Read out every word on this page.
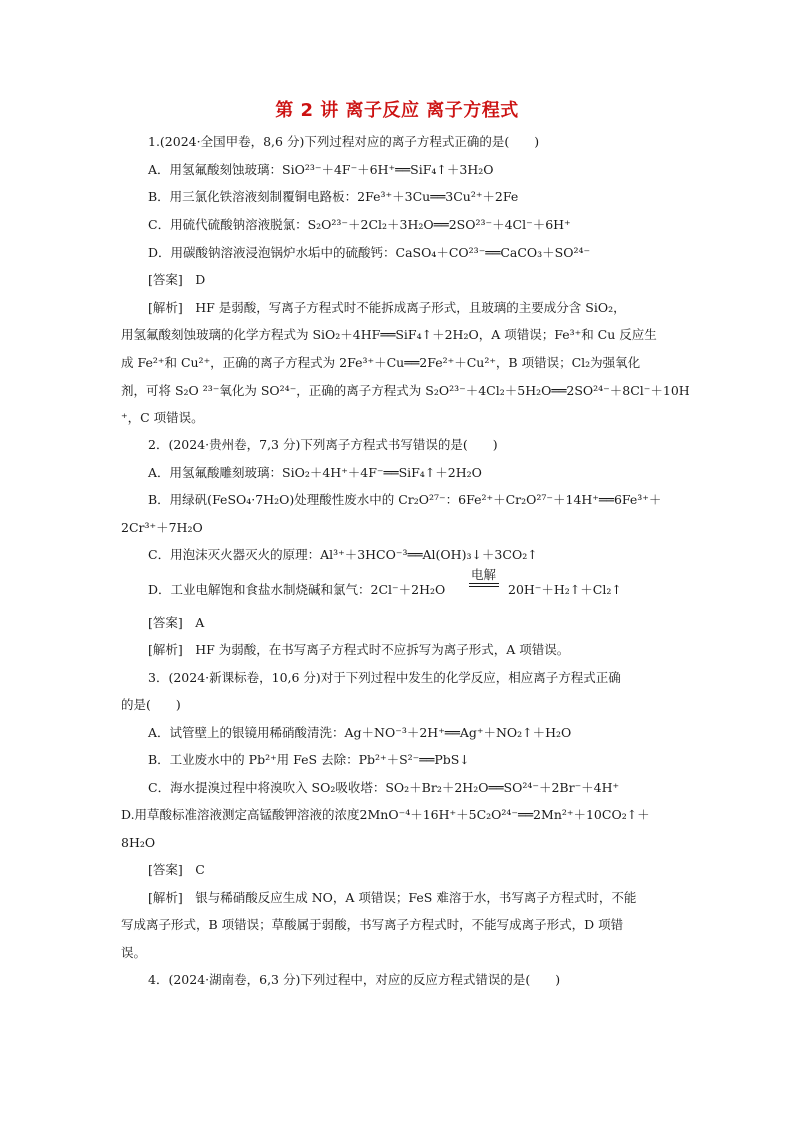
第 2 讲 离子反应 离子方程式
1.(2024·全国甲卷，8,6 分)下列过程对应的离子方程式正确的是(　　)
A．用氢氟酸刻蚀玻璃：SiO²³⁻＋4F⁻＋6H⁺══SiF₄↑＋3H₂O
B．用三氯化铁溶液刻制覆铜电路板：2Fe³⁺＋3Cu══3Cu²⁺＋2Fe
C．用硫代硫酸钠溶液脱氯：S₂O²³⁻＋2Cl₂＋3H₂O══2SO²³⁻＋4Cl⁻＋6H⁺
D．用碳酸钠溶液浸泡锅炉水垢中的硫酸钙：CaSO₄＋CO²³⁻══CaCO₃＋SO²⁴⁻
[答案]　D
[解析]　HF 是弱酸，写离子方程式时不能拆成离子形式，且玻璃的主要成分含 SiO₂，
用氢氟酸刻蚀玻璃的化学方程式为 SiO₂＋4HF══SiF₄↑＋2H₂O，A 项错误；Fe³⁺和 Cu 反应生
成 Fe²⁺和 Cu²⁺，正确的离子方程式为 2Fe³⁺＋Cu══2Fe²⁺＋Cu²⁺，B 项错误；Cl₂为强氧化
剂，可将 S₂O ²³⁻氧化为 SO²⁴⁻，正确的离子方程式为 S₂O²³⁻＋4Cl₂＋5H₂O══2SO²⁴⁻＋8Cl⁻＋10H
⁺，C 项错误。
2．(2024·贵州卷，7,3 分)下列离子方程式书写错误的是(　　)
A．用氢氟酸雕刻玻璃：SiO₂＋4H⁺＋4F⁻══SiF₄↑＋2H₂O
B．用绿矾(FeSO₄·7H₂O)处理酸性废水中的 Cr₂O²⁷⁻：6Fe²⁺＋Cr₂O²⁷⁻＋14H⁺══6Fe³⁺＋
2Cr³⁺＋7H₂O
C．用泡沫灭火器灭火的原理：Al³⁺＋3HCO⁻³══Al(OH)₃↓＋3CO₂↑
D．工业电解饱和食盐水制烧碱和氯气：2Cl⁻＋2H₂O
电解
20H⁻＋H₂↑＋Cl₂↑
[答案]　A
[解析]　HF 为弱酸，在书写离子方程式时不应拆写为离子形式，A 项错误。
3．(2024·新课标卷，10,6 分)对于下列过程中发生的化学反应，相应离子方程式正确
的是(　　)
A．试管壁上的银镜用稀硝酸清洗：Ag＋NO⁻³＋2H⁺══Ag⁺＋NO₂↑＋H₂O
B．工业废水中的 Pb²⁺用 FeS 去除：Pb²⁺＋S²⁻══PbS↓
C．海水提溴过程中将溴吹入 SO₂吸收塔：SO₂＋Br₂＋2H₂O══SO²⁴⁻＋2Br⁻＋4H⁺
D.用草酸标准溶液测定高锰酸钾溶液的浓度2MnO⁻⁴＋16H⁺＋5C₂O²⁴⁻══2Mn²⁺＋10CO₂↑＋
8H₂O
[答案]　C
[解析]　银与稀硝酸反应生成 NO，A 项错误；FeS 难溶于水，书写离子方程式时，不能
写成离子形式，B 项错误；草酸属于弱酸，书写离子方程式时，不能写成离子形式，D 项错
误。
4．(2024·湖南卷，6,3 分)下列过程中，对应的反应方程式错误的是(　　)
